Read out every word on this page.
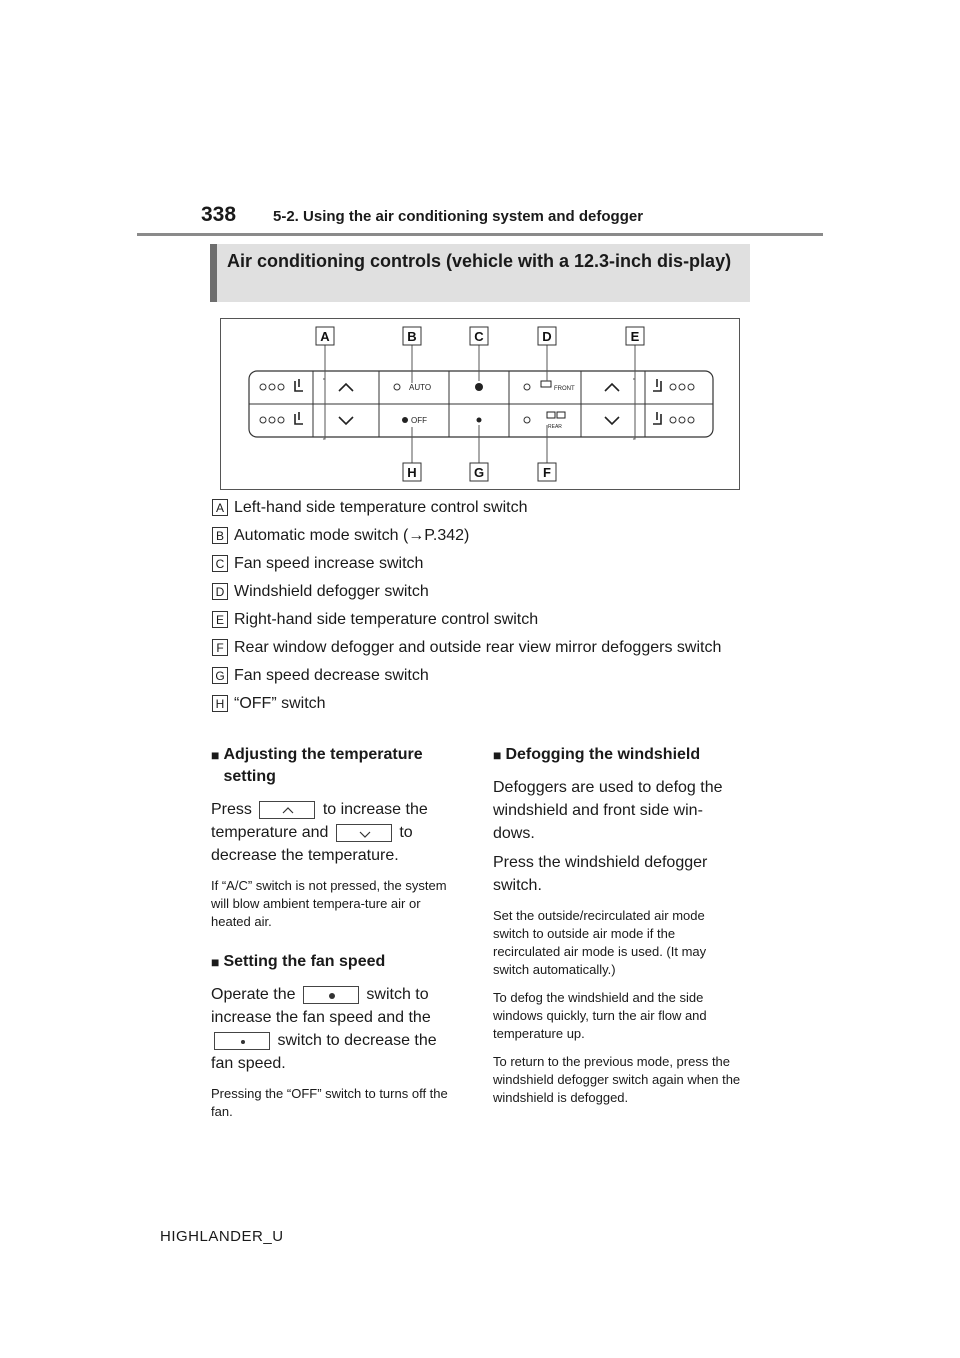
338 5-2. Using the air conditioning system and defogger
Air conditioning controls (vehicle with a 12.3-inch dis-play)
AUTO
OFF
FRONT
REAR
A	B	C	D	E
H	G	F
A Left-hand side temperature control switch
B Automatic mode switch (→P.342)
C Fan speed increase switch
D Windshield defogger switch
E Right-hand side temperature control switch
F Rear window defogger and outside rear view mirror defoggers switch
G Fan speed decrease switch
H “OFF” switch
■ Adjusting the temperature setting
Press	to increase the temperature and	to decrease the temperature.
If “A/C” switch is not pressed, the system will blow ambient tempera-ture air or heated air.
■ Setting the fan speed
Operate the	switch to increase the fan speed and the
switch to decrease the fan speed.
Pressing the “OFF” switch to turns off the fan.
■ Defogging the windshield
Defoggers are used to defog the windshield and front side win-dows.
Press the windshield defogger switch.
Set the outside/recirculated air mode switch to outside air mode if the recirculated air mode is used. (It may switch automatically.)
To defog the windshield and the side windows quickly, turn the air flow and temperature up.
To return to the previous mode, press the windshield defogger switch again when the windshield is defogged.
HIGHLANDER_U
